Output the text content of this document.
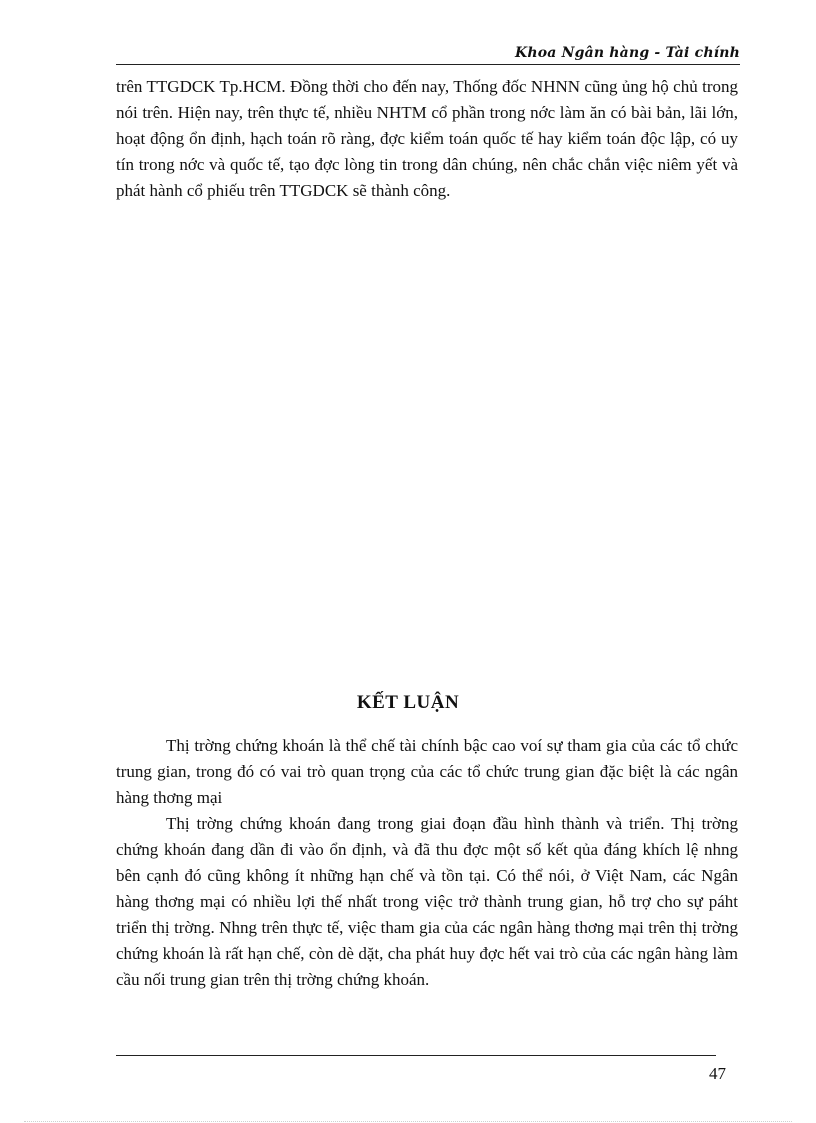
Khoa Ngân hàng - Tài chính

trên TTGDCK Tp.HCM. Đồng thời cho đến nay, Thống đốc NHNN cũng ủng hộ chủ trong nói trên. Hiện nay, trên thực tế, nhiều NHTM cổ phần trong nớc làm ăn có bài bản, lãi lớn, hoạt động ổn định, hạch toán rõ ràng, đợc kiểm toán quốc tế hay kiểm toán độc lập, có uy tín trong nớc và quốc tế, tạo đợc lòng tin trong dân chúng, nên chắc chắn việc niêm yết và phát hành cổ phiếu trên TTGDCK sẽ thành công.

KẾT LUẬN

Thị trờng chứng khoán là thể chế tài chính bậc cao voí sự tham gia của các tổ chức trung gian, trong đó có vai trò quan trọng của các tổ chức trung gian đặc biệt là các ngân hàng thơng mại

Thị trờng chứng khoán đang trong giai đoạn đầu hình thành và triển. Thị trờng chứng khoán đang dần đi vào ổn định, và đã thu đợc một số kết qủa đáng khích lệ nhng bên cạnh đó cũng không ít những hạn chế và tồn tại. Có thể nói, ở Việt Nam, các Ngân hàng thơng mại có nhiều lợi thế nhất trong việc trở thành trung gian, hỗ trợ cho sự páht triển thị trờng. Nhng trên thực tế, việc tham gia của các ngân hàng thơng mại trên thị trờng chứng khoán là rất hạn chế, còn dè dặt, cha phát huy đợc hết vai trò của các ngân hàng làm cầu nối trung gian trên thị trờng chứng khoán.

47
